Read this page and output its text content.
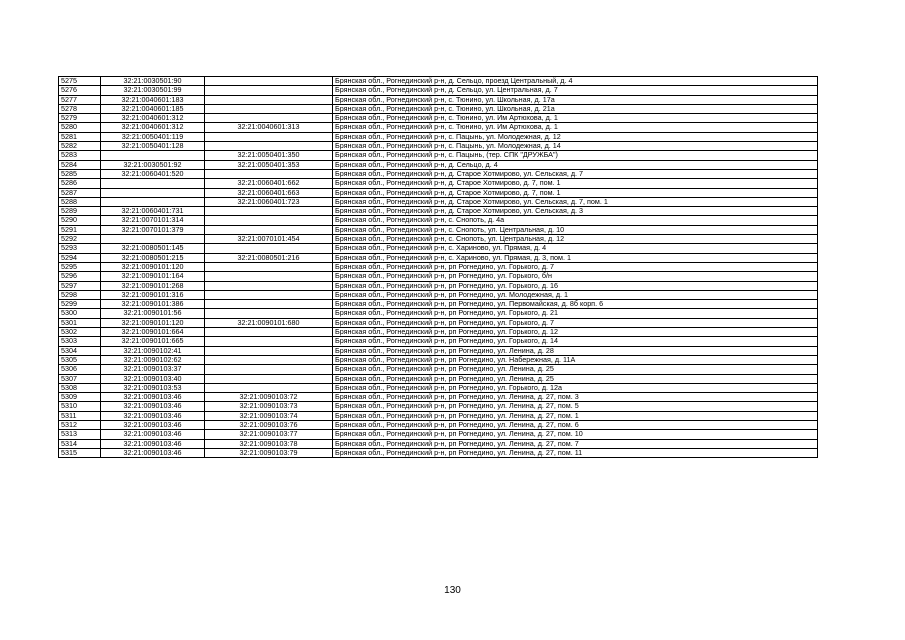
5275	32:21:0030501:90		Брянская обл., Рогнединский р-н, д. Сельцо, проезд Центральный, д. 4
5276	32:21:0030501:99		Брянская обл., Рогнединский р-н, д. Сельцо, ул. Центральная, д. 7
5277	32:21:0040601:183		Брянская обл., Рогнединский р-н, с. Тюнино, ул. Школьная, д. 17а
5278	32:21:0040601:185		Брянская обл., Рогнединский р-н, с. Тюнино, ул. Школьная, д. 21а
5279	32:21:0040601:312		Брянская обл., Рогнединский р-н, с. Тюнино, ул. Им Артюхова, д. 1
5280	32:21:0040601:312	32:21:0040601:313	Брянская обл., Рогнединский р-н, с. Тюнино, ул. Им Артюхова, д. 1
5281	32:21:0050401:119		Брянская обл., Рогнединский р-н, с. Пацынь, ул. Молодежная, д. 12
5282	32:21:0050401:128		Брянская обл., Рогнединский р-н, с. Пацынь, ул. Молодежная, д. 14
5283		32:21:0050401:350	Брянская обл., Рогнединский р-н, с. Пацынь, (тер. СПК "ДРУЖБА")
5284	32:21:0030501:92	32:21:0050401:353	Брянская обл., Рогнединский р-н, д. Сельцо, д. 4
5285	32:21:0060401:520		Брянская обл., Рогнединский р-н, д. Старое Хотмирово, ул. Сельская, д. 7
5286		32:21:0060401:662	Брянская обл., Рогнединский р-н, д. Старое Хотмирово, д. 7, пом. 1
5287		32:21:0060401:663	Брянская обл., Рогнединский р-н, д. Старое Хотмирово, д. 7, пом. 1
5288		32:21:0060401:723	Брянская обл., Рогнединский р-н, д. Старое Хотмирово, ул. Сельская, д. 7, пом. 1
5289	32:21:0060401:731		Брянская обл., Рогнединский р-н, д. Старое Хотмирово, ул. Сельская, д. 3
5290	32:21:0070101:314		Брянская обл., Рогнединский р-н, с. Снопоть, д. 4а
5291	32:21:0070101:379		Брянская обл., Рогнединский р-н, с. Снопоть, ул. Центральная, д. 10
5292		32:21:0070101:454	Брянская обл., Рогнединский р-н, с. Снопоть, ул. Центральная, д. 12
5293	32:21:0080501:145		Брянская обл., Рогнединский р-н, с. Хариново, ул. Прямая, д. 4
5294	32:21:0080501:215	32:21:0080501:216	Брянская обл., Рогнединский р-н, с. Хариново, ул. Прямая, д. 3, пом. 1
5295	32:21:0090101:120		Брянская обл., Рогнединский р-н, рп Рогнедино, ул. Горького, д. 7
5296	32:21:0090101:164		Брянская обл., Рогнединский р-н, рп Рогнедино, ул. Горького, б/н
5297	32:21:0090101:268		Брянская обл., Рогнединский р-н, рп Рогнедино, ул. Горького, д. 16
5298	32:21:0090101:316		Брянская обл., Рогнединский р-н, рп Рогнедино, ул. Молодежная, д. 1
5299	32:21:0090101:386		Брянская обл., Рогнединский р-н, рп Рогнедино, ул. Первомайская, д. 8б корп. 6
5300	32:21:0090101:56		Брянская обл., Рогнединский р-н, рп Рогнедино, ул. Горького, д. 21
5301	32:21:0090101:120	32:21:0090101:680	Брянская обл., Рогнединский р-н, рп Рогнедино, ул. Горького, д. 7
5302	32:21:0090101:664		Брянская обл., Рогнединский р-н, рп Рогнедино, ул. Горького, д. 12
5303	32:21:0090101:665		Брянская обл., Рогнединский р-н, рп Рогнедино, ул. Горького, д. 14
5304	32:21:0090102:41		Брянская обл., Рогнединский р-н, рп Рогнедино, ул. Ленина, д. 28
5305	32:21:0090102:62		Брянская обл., Рогнединский р-н, рп Рогнедино, ул. Набережная, д. 11А
5306	32:21:0090103:37		Брянская обл., Рогнединский р-н, рп Рогнедино, ул. Ленина, д. 25
5307	32:21:0090103:40		Брянская обл., Рогнединский р-н, рп Рогнедино, ул. Ленина, д. 25
5308	32:21:0090103:53		Брянская обл., Рогнединский р-н, рп Рогнедино, ул. Горького, д. 12а
5309	32:21:0090103:46	32:21:0090103:72	Брянская обл., Рогнединский р-н, рп Рогнедино, ул. Ленина, д. 27, пом. 3
5310	32:21:0090103:46	32:21:0090103:73	Брянская обл., Рогнединский р-н, рп Рогнедино, ул. Ленина, д. 27, пом. 5
5311	32:21:0090103:46	32:21:0090103:74	Брянская обл., Рогнединский р-н, рп Рогнедино, ул. Ленина, д. 27, пом. 1
5312	32:21:0090103:46	32:21:0090103:76	Брянская обл., Рогнединский р-н, рп Рогнедино, ул. Ленина, д. 27, пом. 6
5313	32:21:0090103:46	32:21:0090103:77	Брянская обл., Рогнединский р-н, рп Рогнедино, ул. Ленина, д. 27, пом. 10
5314	32:21:0090103:46	32:21:0090103:78	Брянская обл., Рогнединский р-н, рп Рогнедино, ул. Ленина, д. 27, пом. 7
5315	32:21:0090103:46	32:21:0090103:79	Брянская обл., Рогнединский р-н, рп Рогнедино, ул. Ленина, д. 27, пом. 11
130
